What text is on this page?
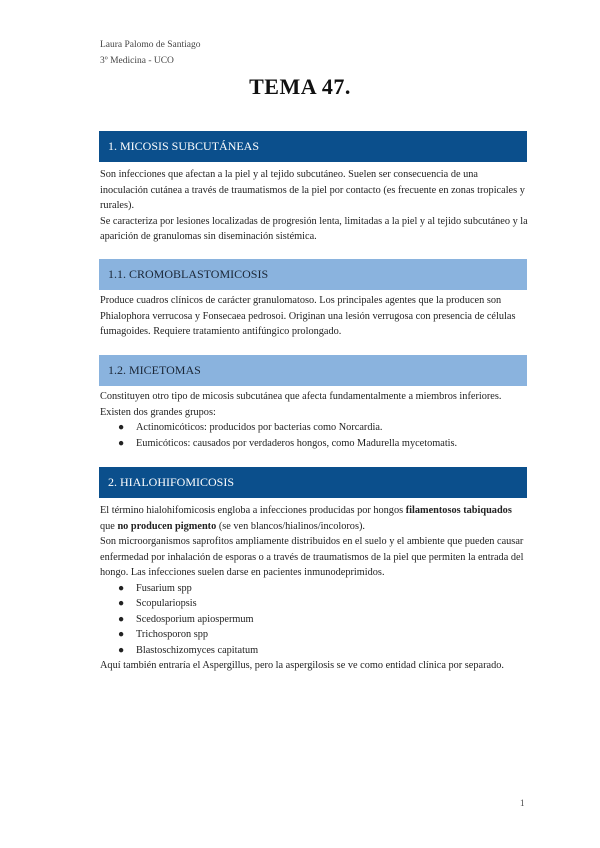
Laura Palomo de Santiago
3º Medicina - UCO
TEMA 47.
1. MICOSIS SUBCUTÁNEAS

Son infecciones que afectan a la piel y al tejido subcutáneo. Suelen ser consecuencia de una inoculación cutánea a través de traumatismos de la piel por contacto (es frecuente en zonas tropicales y rurales).

Se caracteriza por lesiones localizadas de progresión lenta, limitadas a la piel y al tejido subcutáneo y la aparición de granulomas sin diseminación sistémica.

1.1. CROMOBLASTOMICOSIS

Produce cuadros clínicos de carácter granulomatoso. Los principales agentes que la producen son Phialophora verrucosa y Fonsecaea pedrosoi. Originan una lesión verrugosa con presencia de células fumagoides. Requiere tratamiento antifúngico prolongado.

1.2. MICETOMAS

Constituyen otro tipo de micosis subcutánea que afecta fundamentalmente a miembros inferiores. Existen dos grandes grupos:

● Actinomicóticos: producidos por bacterias como Norcardia.
● Eumicóticos: causados por verdaderos hongos, como Madurella mycetomatis.
2. HIALOHIFOMICOSIS

El término hialohifomicosis engloba a infecciones producidas por hongos filamentosos tabiquados que no producen pigmento (se ven blancos/hialinos/incoloros).

Son microorganismos saprofitos ampliamente distribuidos en el suelo y el ambiente que pueden causar enfermedad por inhalación de esporas o a través de traumatismos de la piel que permiten la entrada del hongo. Las infecciones suelen darse en pacientes inmunodeprimidos.

● Fusarium spp
● Scopulariopsis
● Scedosporium apiospermum
● Trichosporon spp
● Blastoschizomyces capitatum

Aquí también entraría el Aspergillus, pero la aspergilosis se ve como entidad clínica por separado.

1
